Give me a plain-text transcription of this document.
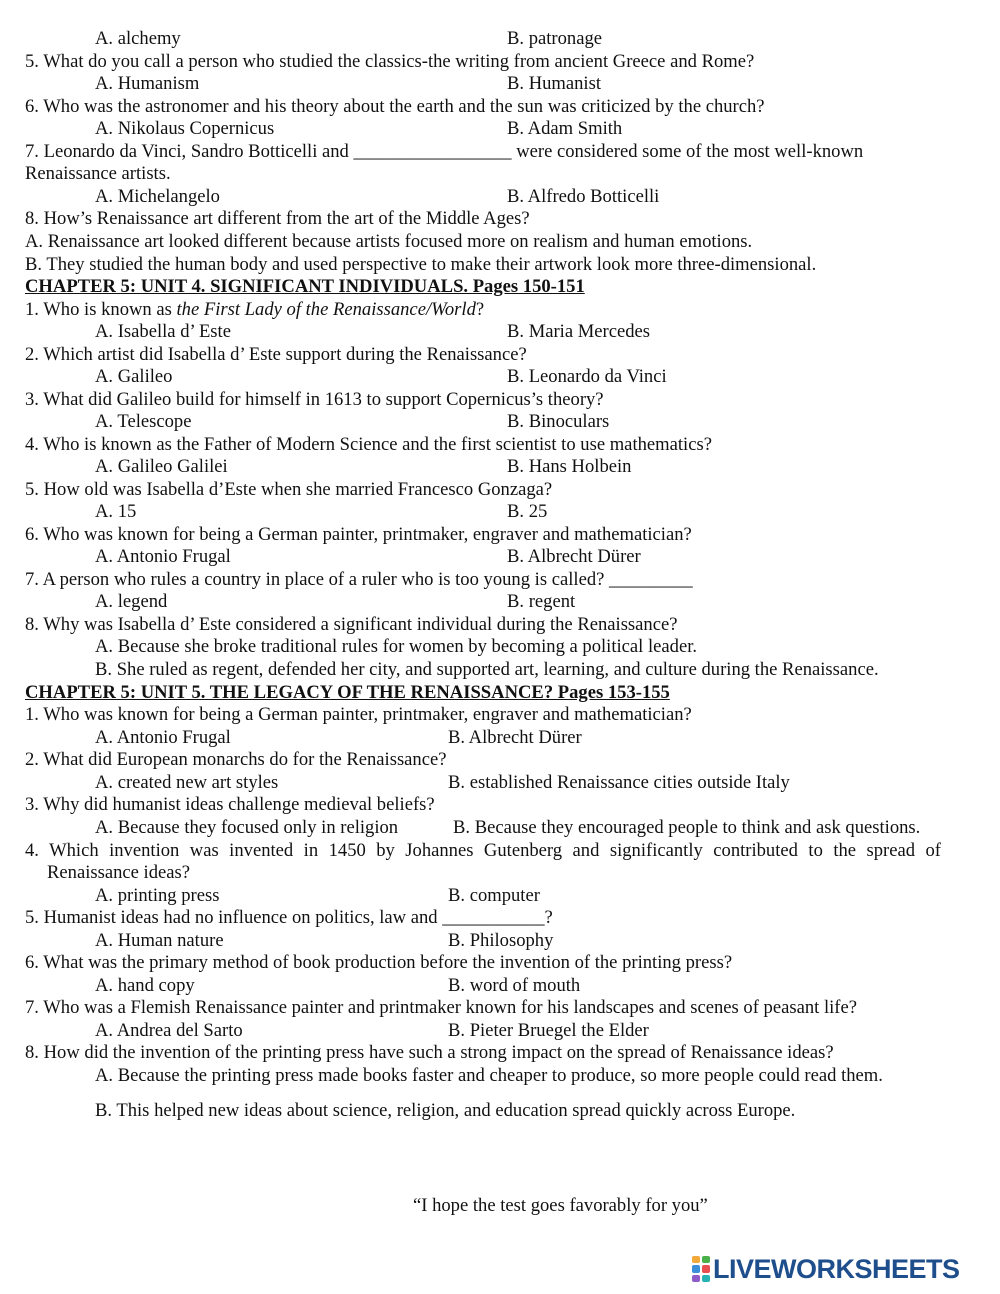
A. alchemy	B. patronage
5. What do you call a person who studied the classics-the writing from ancient Greece and Rome?
A. Humanism	B. Humanist
6. Who was the astronomer and his theory about the earth and the sun was criticized by the church?
A. Nikolaus Copernicus	B. Adam Smith
7. Leonardo da Vinci, Sandro Botticelli and _________________ were considered some of the most well-known
Renaissance artists.
A. Michelangelo	B. Alfredo Botticelli
8. How’s Renaissance art different from the art of the Middle Ages?
A. Renaissance art looked different because artists focused more on realism and human emotions.
B. They studied the human body and used perspective to make their artwork look more three-dimensional.
CHAPTER 5: UNIT 4. SIGNIFICANT INDIVIDUALS. Pages 150-151
1. Who is known as the First Lady of the Renaissance/World?
A. Isabella d’ Este	B. Maria Mercedes
2. Which artist did Isabella d’ Este support during the Renaissance?
A. Galileo	B. Leonardo da Vinci
3. What did Galileo build for himself in 1613 to support Copernicus’s theory?
A. Telescope	B. Binoculars
4. Who is known as the Father of Modern Science and the first scientist to use mathematics?
A. Galileo Galilei	B. Hans Holbein
5. How old was Isabella d’Este when she married Francesco Gonzaga?
A. 15	B. 25
6. Who was known for being a German painter, printmaker, engraver and mathematician?
A. Antonio Frugal	B. Albrecht Dürer
7. A person who rules a country in place of a ruler who is too young is called? _________
A. legend	B. regent
8. Why was Isabella d’ Este considered a significant individual during the Renaissance?
A. Because she broke traditional rules for women by becoming a political leader.
B. She ruled as regent, defended her city, and supported art, learning, and culture during the Renaissance.
CHAPTER 5: UNIT 5. THE LEGACY OF THE RENAISSANCE? Pages 153-155
1. Who was known for being a German painter, printmaker, engraver and mathematician?
A. Antonio Frugal	B. Albrecht Dürer
2. What did European monarchs do for the Renaissance?
A. created new art styles	B. established Renaissance cities outside Italy
3. Why did humanist ideas challenge medieval beliefs?
A. Because they focused only in religion	B. Because they encouraged people to think and ask questions.
4. Which invention was invented in 1450 by Johannes Gutenberg and significantly contributed to the spread of
Renaissance ideas?
A. printing press	B. computer
5. Humanist ideas had no influence on politics, law and ___________?
A. Human nature	B. Philosophy
6. What was the primary method of book production before the invention of the printing press?
A. hand copy	B. word of mouth
7. Who was a Flemish Renaissance painter and printmaker known for his landscapes and scenes of peasant life?
A. Andrea del Sarto	B. Pieter Bruegel the Elder
8. How did the invention of the printing press have such a strong impact on the spread of Renaissance ideas?
A. Because the printing press made books faster and cheaper to produce, so more people could read them.
B. This helped new ideas about science, religion, and education spread quickly across Europe.
“I hope the test goes favorably for you”
LIVEWORKSHEETS
